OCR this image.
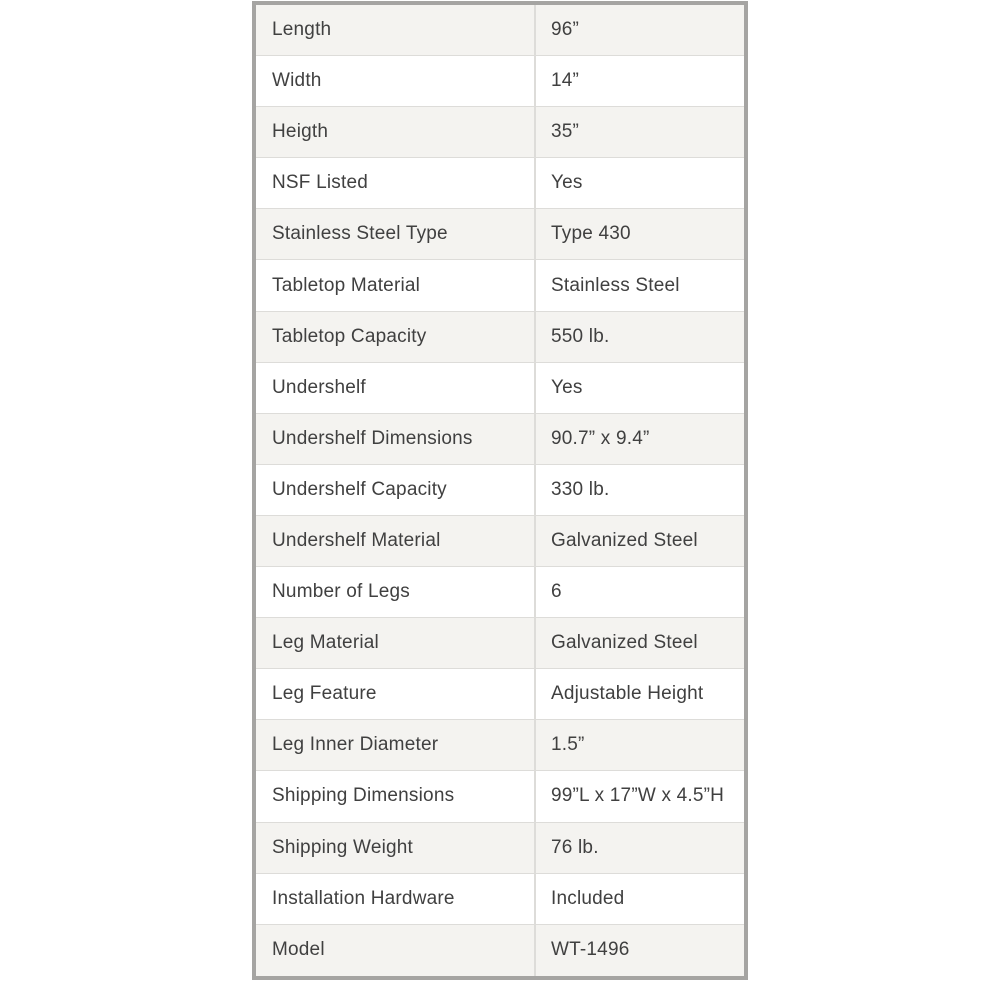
Length	96”
Width	14”
Heigth	35”
NSF Listed	Yes
Stainless Steel Type	Type 430
Tabletop Material	Stainless Steel
Tabletop Capacity	550 lb.
Undershelf	Yes
Undershelf Dimensions	90.7” x 9.4”
Undershelf Capacity	330 lb.
Undershelf Material	Galvanized Steel
Number of Legs	6
Leg Material	Galvanized Steel
Leg Feature	Adjustable Height
Leg Inner Diameter	1.5”
Shipping Dimensions	99”L x 17”W x 4.5”H
Shipping Weight	76 lb.
Installation Hardware	Included
Model	WT-1496
